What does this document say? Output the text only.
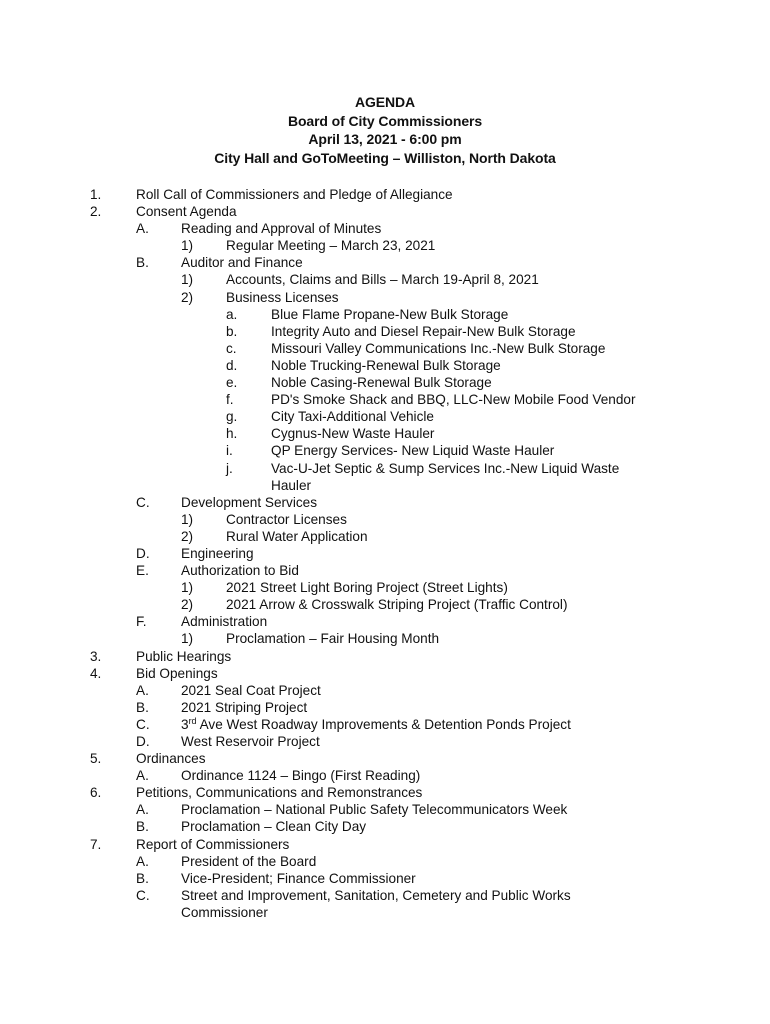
AGENDA
Board of City Commissioners
April 13, 2021 - 6:00 pm
City Hall and GoToMeeting – Williston, North Dakota
1.	Roll Call of Commissioners and Pledge of Allegiance
2.	Consent Agenda
A. Reading and Approval of Minutes
1) Regular Meeting – March 23, 2021
B. Auditor and Finance
1) Accounts, Claims and Bills – March 19-April 8, 2021
2) Business Licenses
a. Blue Flame Propane-New Bulk Storage
b. Integrity Auto and Diesel Repair-New Bulk Storage
c.	Missouri Valley Communications Inc.-New Bulk Storage
d. Noble Trucking-Renewal Bulk Storage
e. Noble Casing-Renewal Bulk Storage
f.	PD's Smoke Shack and BBQ, LLC-New Mobile Food Vendor
g. City Taxi-Additional Vehicle
h. Cygnus-New Waste Hauler
i.	QP Energy Services- New Liquid Waste Hauler
j.	Vac-U-Jet Septic & Sump Services Inc.-New Liquid Waste
Hauler
C. Development Services
1) Contractor Licenses
2) Rural Water Application
D. Engineering
E. Authorization to Bid
1) 2021 Street Light Boring Project (Street Lights)
2) 2021 Arrow & Crosswalk Striping Project (Traffic Control)
F.	Administration
1) Proclamation – Fair Housing Month
3.	Public Hearings
4.	Bid Openings
A. 2021 Seal Coat Project
B. 2021 Striping Project
C. 3rd Ave West Roadway Improvements & Detention Ponds Project
D. West Reservoir Project
5.	Ordinances
A. Ordinance 1124 – Bingo (First Reading)
6.	Petitions, Communications and Remonstrances
A. Proclamation – National Public Safety Telecommunicators Week
B. Proclamation – Clean City Day
7.	Report of Commissioners
A. President of the Board
B. Vice-President; Finance Commissioner
C. Street and Improvement, Sanitation, Cemetery and Public Works
Commissioner
